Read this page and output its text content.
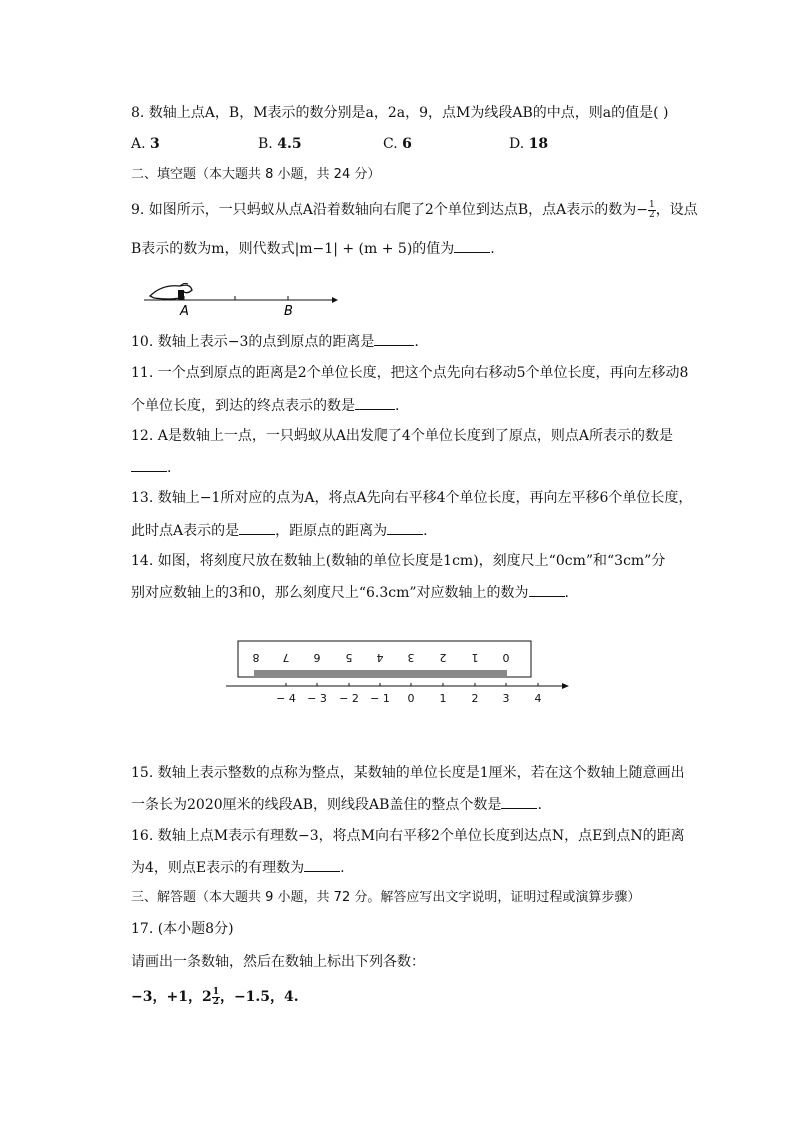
8. 数轴上点A，B，M表示的数分别是a，2a，9，点M为线段AB的中点，则a的值是( )
A. 3	B. 4.5	C. 6	D. 18
二、填空题（本大题共 8 小题，共 24 分）
9. 如图所示，一只蚂蚁从点A沿着数轴向右爬了2个单位到达点B，点A表示的数为− $\frac{1}{2}$ ，设点
B表示的数为m，则代数式|m−1| + (m + 5)的值为	.
A	B
10. 数轴上表示−3的点到原点的距离是	.
11. 一个点到原点的距离是2个单位长度，把这个点先向右移动5个单位长度，再向左移动8
个单位长度，到达的终点表示的数是	.
12. A是数轴上一点，一只蚂蚁从A出发爬了4个单位长度到了原点，则点A所表示的数是
.
13. 数轴上−1所对应的点为A，将点A先向右平移4个单位长度，再向左平移6个单位长度，
此时点A表示的是	，距原点的距离为	.
14. 如图，将刻度尺放在数轴上(数轴的单位长度是1cm)，刻度尺上“0cm”和“3cm”分
别对应数轴上的3和0，那么刻度尺上“6.3cm”对应数轴上的数为	.
8 7 6 5 4 3 2 1 0
− 4 − 3 − 2 − 1 0 1 2 3 4
15. 数轴上表示整数的点称为整点，某数轴的单位长度是1厘米，若在这个数轴上随意画出
一条长为2020厘米的线段AB，则线段AB盖住的整点个数是	.
16. 数轴上点M表示有理数−3，将点M向右平移2个单位长度到达点N，点E到点N的距离
为4，则点E表示的有理数为	.
三、解答题（本大题共 9 小题，共 72 分。解答应写出文字说明，证明过程或演算步骤）
17. (本小题8分)
请画出一条数轴，然后在数轴上标出下列各数：
−3，+1，$2 \frac{1}{2}$ ，−1.5，4.
